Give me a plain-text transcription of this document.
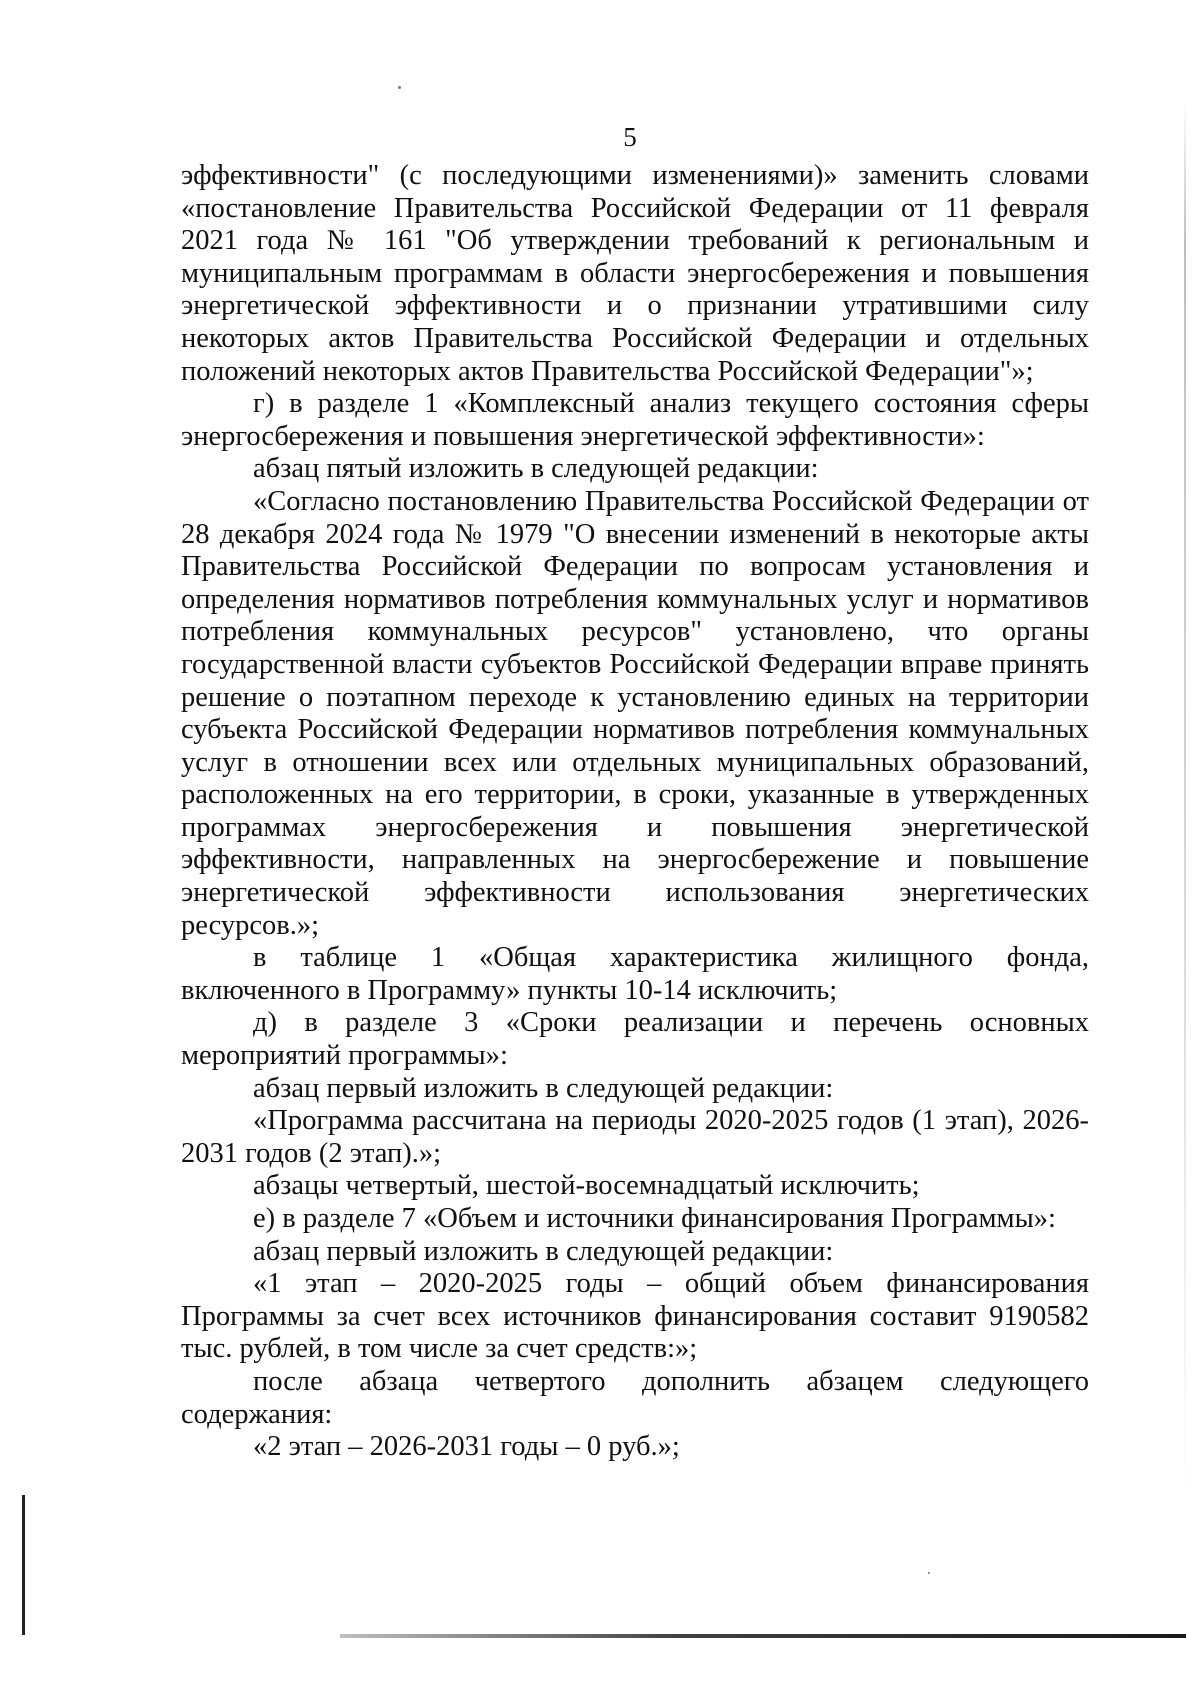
5

эффективности" (с последующими изменениями)» заменить словами «постановление Правительства Российской Федерации от 11 февраля 2021 года № 161 "Об утверждении требований к региональным и муниципальным программам в области энергосбережения и повышения энергетической эффективности и о признании утратившими силу некоторых актов Правительства Российской Федерации и отдельных положений некоторых актов Правительства Российской Федерации"»;

г) в разделе 1 «Комплексный анализ текущего состояния сферы энергосбережения и повышения энергетической эффективности»:

абзац пятый изложить в следующей редакции:

«Согласно постановлению Правительства Российской Федерации от 28 декабря 2024 года № 1979 "О внесении изменений в некоторые акты Правительства Российской Федерации по вопросам установления и определения нормативов потребления коммунальных услуг и нормативов потребления коммунальных ресурсов" установлено, что органы государственной власти субъектов Российской Федерации вправе принять решение о поэтапном переходе к установлению единых на территории субъекта Российской Федерации нормативов потребления коммунальных услуг в отношении всех или отдельных муниципальных образований, расположенных на его территории, в сроки, указанные в утвержденных программах энергосбережения и повышения энергетической эффективности, направленных на энергосбережение и повышение энергетической эффективности использования энергетических ресурсов.»;

в таблице 1 «Общая характеристика жилищного фонда, включенного в Программу» пункты 10-14 исключить;

д) в разделе 3 «Сроки реализации и перечень основных мероприятий программы»:

абзац первый изложить в следующей редакции:

«Программа рассчитана на периоды 2020-2025 годов (1 этап), 2026-2031 годов (2 этап).»;

абзацы четвертый, шестой-восемнадцатый исключить;

е) в разделе 7 «Объем и источники финансирования Программы»:

абзац первый изложить в следующей редакции:

«1 этап – 2020-2025 годы – общий объем финансирования Программы за счет всех источников финансирования составит 9190582 тыс. рублей, в том числе за счет средств:»;

после абзаца четвертого дополнить абзацем следующего содержания:

«2 этап – 2026-2031 годы – 0 руб.»;
